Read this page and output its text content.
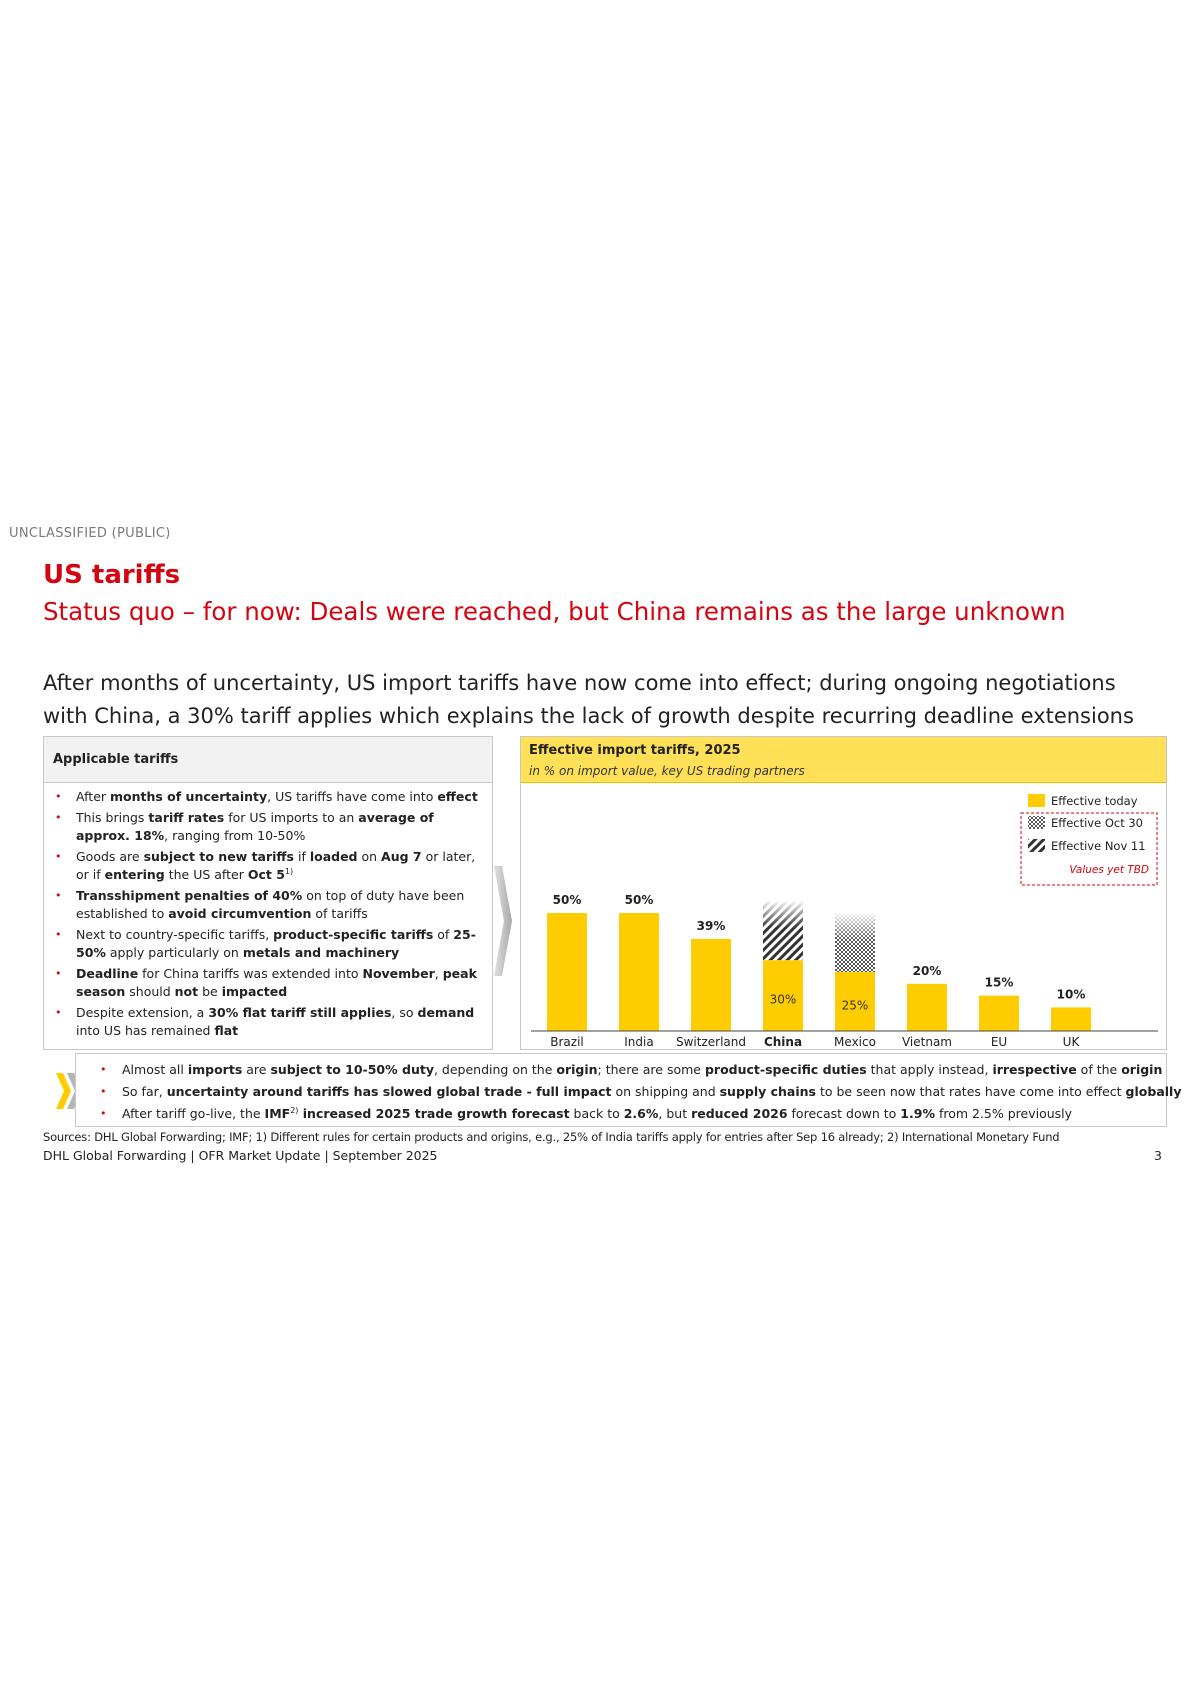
UNCLASSIFIED (PUBLIC)
US tariffs
Status quo – for now: Deals were reached, but China remains as the large unknown
After months of uncertainty, US import tariffs have now come into effect; during ongoing negotiations
with China, a 30% tariff applies which explains the lack of growth despite recurring deadline extensions
Applicable tariffs
• After months of uncertainty, US tariffs have come into effect
• This brings tariff rates for US imports to an average of approx. 18%, ranging from 10-50%
• Goods are subject to new tariffs if loaded on Aug 7 or later, or if entering the US after Oct 5$^{1)}$
• Transshipment penalties of 40% on top of duty have been established to avoid circumvention of tariffs
• Next to country-specific tariffs, product-specific tariffs of 25-50% apply particularly on metals and machinery
• Deadline for China tariffs was extended into November, peak season should not be impacted
• Despite extension, a 30% flat tariff still applies, so demand into US has remained flat
Effective import tariffs, 2025
in % on import value, key US trading partners
50%
Brazil
50%
India
39%
Switzerland
30%
China
25%
Mexico
20%
Vietnam
15%
EU
10%
UK
Effective today
Effective Oct 30
Effective Nov 11
Values yet TBD
• Almost all imports are subject to 10-50% duty, depending on the origin; there are some product-specific duties that apply instead, irrespective of the origin
• So far, uncertainty around tariffs has slowed global trade - full impact on shipping and supply chains to be seen now that rates have come into effect globally
• After tariff go-live, the IMF$^{2)}$ increased 2025 trade growth forecast back to 2.6%, but reduced 2026 forecast down to 1.9% from 2.5% previously
Sources: DHL Global Forwarding; IMF; 1) Different rules for certain products and origins, e.g., 25% of India tariffs apply for entries after Sep 16 already; 2) International Monetary Fund
DHL Global Forwarding | OFR Market Update | September 2025	3
